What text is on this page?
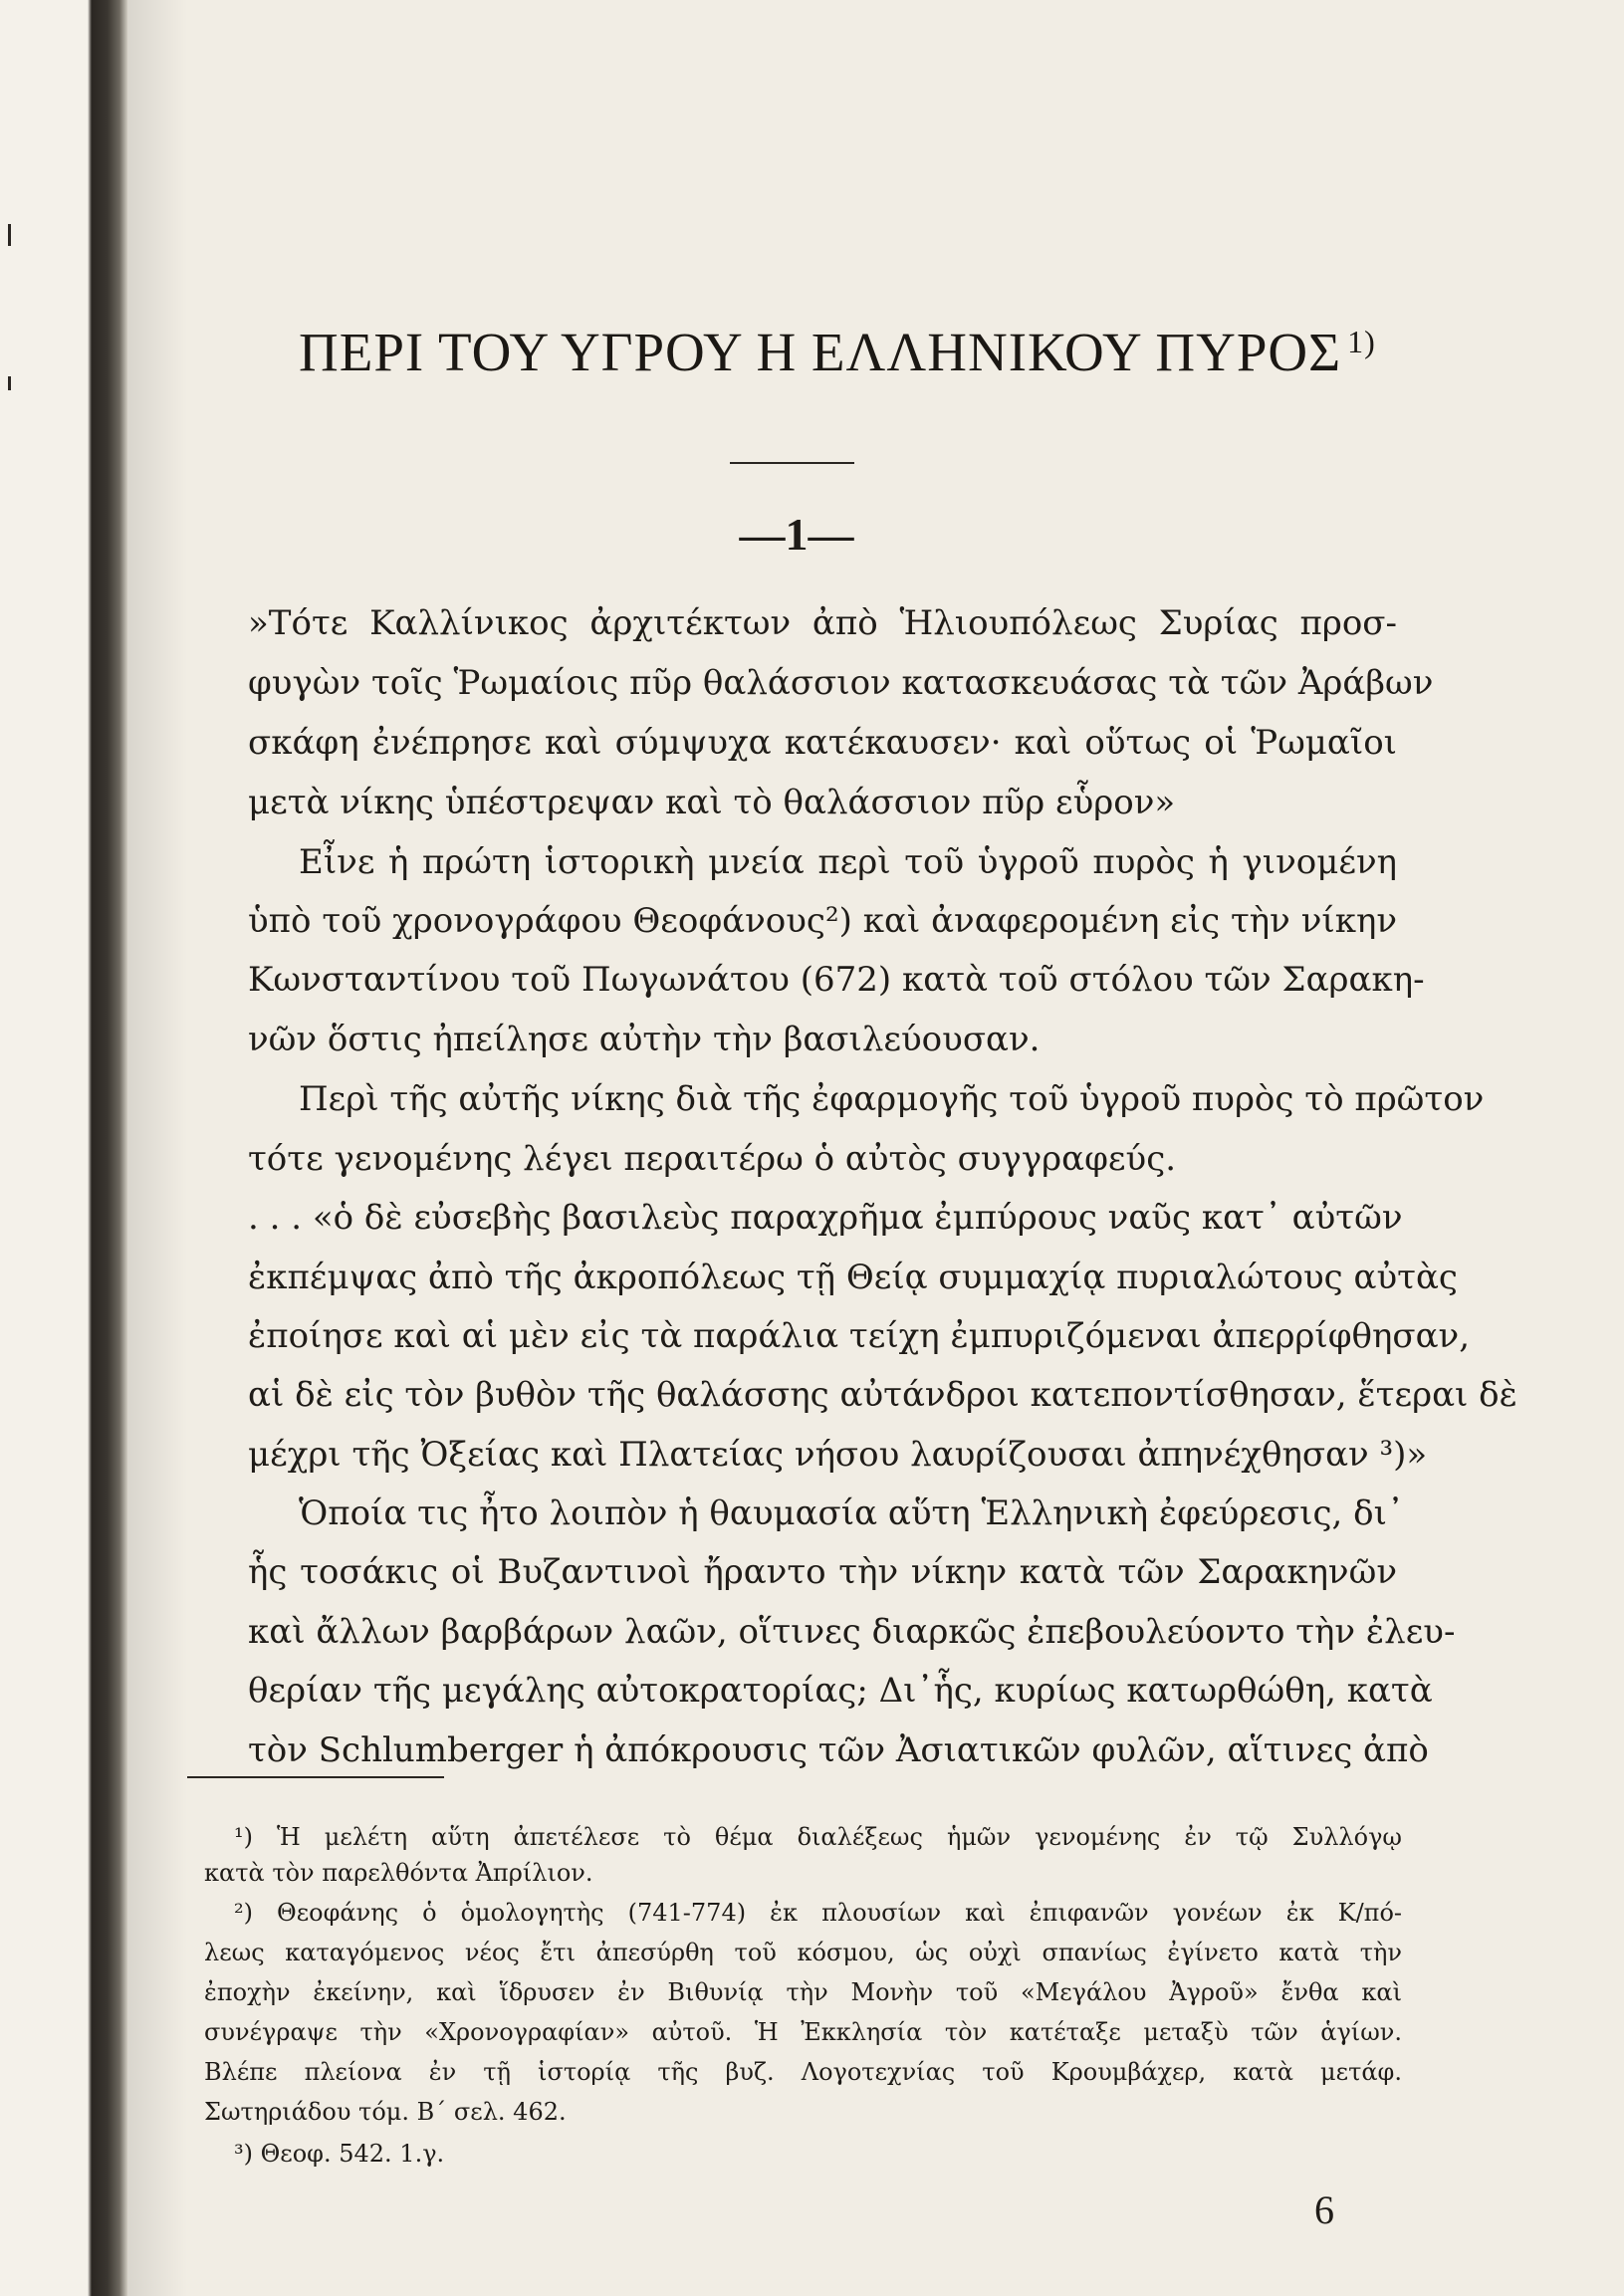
ΠΕΡΙ ΤΟΥ ΥΓΡΟΥ Η ΕΛΛΗΝΙΚΟΥ ΠΥΡΟΣ $^{1)}$
—1—
»Τότε Καλλίνικος ἀρχιτέκτων ἀπὸ Ἡλιουπόλεως Συρίας προσ-
φυγὼν τοῖς Ῥωμαίοις πῦρ θαλάσσιον κατασκευάσας τὰ τῶν Ἀράβων
σκάφη ἐνέπρησε καὶ σύμψυχα κατέκαυσεν· καὶ οὕτως οἱ Ῥωμαῖοι
μετὰ νίκης ὑπέστρεψαν καὶ τὸ θαλάσσιον πῦρ εὗρον»
Εἶνε ἡ πρώτη ἱστορικὴ μνεία περὶ τοῦ ὑγροῦ πυρὸς ἡ γινομένη
ὑπὸ τοῦ χρονογράφου Θεοφάνους²) καὶ ἀναφερομένη εἰς τὴν νίκην
Κωνσταντίνου τοῦ Πωγωνάτου (672) κατὰ τοῦ στόλου τῶν Σαρακη-
νῶν ὅστις ἠπείλησε αὐτὴν τὴν βασιλεύουσαν.
Περὶ τῆς αὐτῆς νίκης διὰ τῆς ἐφαρμογῆς τοῦ ὑγροῦ πυρὸς τὸ πρῶτον
τότε γενομένης λέγει περαιτέρω ὁ αὐτὸς συγγραφεύς.
. . . «ὁ δὲ εὐσεβὴς βασιλεὺς παραχρῆμα ἐμπύρους ναῦς κατ᾽ αὐτῶν
ἐκπέμψας ἀπὸ τῆς ἀκροπόλεως τῇ Θείᾳ συμμαχίᾳ πυριαλώτους αὐτὰς
ἐποίησε καὶ αἱ μὲν εἰς τὰ παράλια τείχη ἐμπυριζόμεναι ἀπερρίφθησαν,
αἱ δὲ εἰς τὸν βυθὸν τῆς θαλάσσης αὐτάνδροι κατεποντίσθησαν, ἕτεραι δὲ
μέχρι τῆς Ὀξείας καὶ Πλατείας νήσου λαυρίζουσαι ἀπηνέχθησαν ³)»
Ὁποία τις ἦτο λοιπὸν ἡ θαυμασία αὕτη Ἑλληνικὴ ἐφεύρεσις, δι᾽
ἧς τοσάκις οἱ Βυζαντινοὶ ἤραντο τὴν νίκην κατὰ τῶν Σαρακηνῶν
καὶ ἄλλων βαρβάρων λαῶν, οἵτινες διαρκῶς ἐπεβουλεύοντο τὴν ἐλευ-
θερίαν τῆς μεγάλης αὐτοκρατορίας; Δι᾽ἧς, κυρίως κατωρθώθη, κατὰ
τὸν Schlumberger ἡ ἀπόκρουσις τῶν Ἀσιατικῶν φυλῶν, αἵτινες ἀπὸ
¹) Ἡ μελέτη αὕτη ἀπετέλεσε τὸ θέμα διαλέξεως ἡμῶν γενομένης ἐν τῷ Συλλόγῳ
κατὰ τὸν παρελθόντα Ἀπρίλιον.
²) Θεοφάνης ὁ ὁμολογητὴς (741-774) ἐκ πλουσίων καὶ ἐπιφανῶν γονέων ἐκ Κ/πό-
λεως καταγόμενος νέος ἔτι ἀπεσύρθη τοῦ κόσμου, ὡς οὐχὶ σπανίως ἐγίνετο κατὰ τὴν
ἐποχὴν ἐκείνην, καὶ ἵδρυσεν ἐν Βιθυνίᾳ τὴν Μονὴν τοῦ «Μεγάλου Ἀγροῦ» ἔνθα καὶ
συνέγραψε τὴν «Χρονογραφίαν» αὐτοῦ. Ἡ Ἐκκλησία τὸν κατέταξε μεταξὺ τῶν ἁγίων.
Βλέπε πλείονα ἐν τῇ ἱστορίᾳ τῆς βυζ. Λογοτεχνίας τοῦ Κρουμβάχερ, κατὰ μετάφ.
Σωτηριάδου τόμ. Β΄ σελ. 462.
³) Θεοφ. 542. 1.γ.
6
